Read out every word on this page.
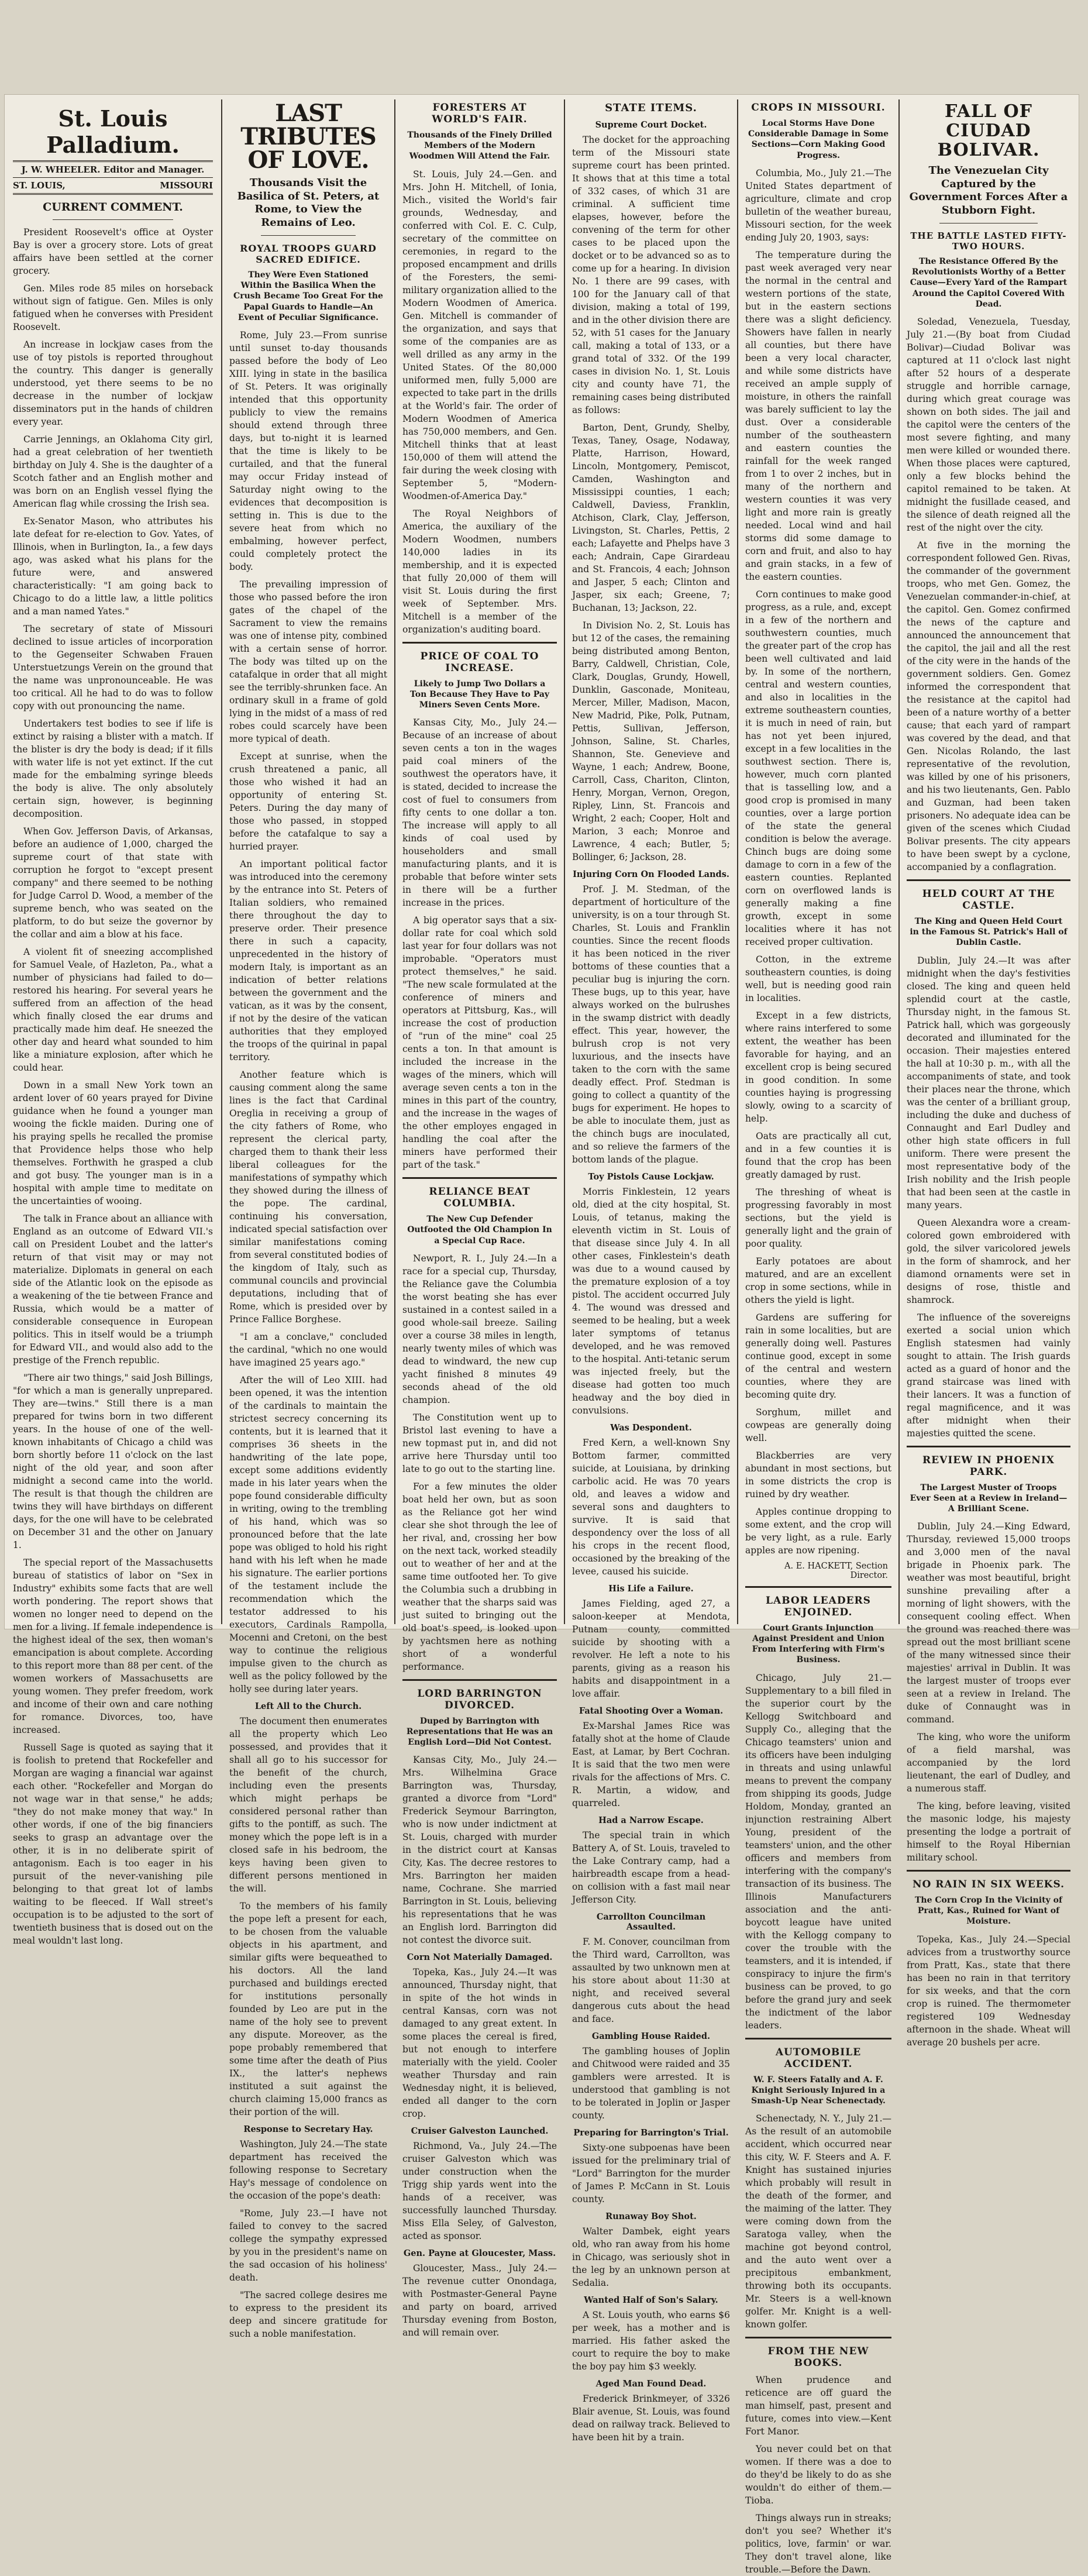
St. Louis Palladium.
J. W. WHEELER. Editor and Manager.
ST. LOUIS,	MISSOURI
CURRENT COMMENT.

President Roosevelt's office at Oyster Bay is over a grocery store. Lots of great affairs have been settled at the corner grocery.

Gen. Miles rode 85 miles on horseback without sign of fatigue. Gen. Miles is only fatigued when he converses with President Roosevelt.

An increase in lockjaw cases from the use of toy pistols is reported throughout the country. This danger is generally understood, yet there seems to be no decrease in the number of lockjaw disseminators put in the hands of children every year.

Carrie Jennings, an Oklahoma City girl, had a great celebration of her twentieth birthday on July 4. She is the daughter of a Scotch father and an English mother and was born on an English vessel flying the American flag while crossing the Irish sea.

Ex-Senator Mason, who attributes his late defeat for re-election to Gov. Yates, of Illinois, when in Burlington, Ia., a few days ago, was asked what his plans for the future were, and answered characteristically: "I am going back to Chicago to do a little law, a little politics and a man named Yates."

The secretary of state of Missouri declined to issue articles of incorporation to the Gegenseiter Schwaben Frauen Unterstuetzungs Verein on the ground that the name was unpronounceable. He was too critical. All he had to do was to follow copy with out pronouncing the name.

Undertakers test bodies to see if life is extinct by raising a blister with a match. If the blister is dry the body is dead; if it fills with water life is not yet extinct. If the cut made for the embalming syringe bleeds the body is alive. The only absolutely certain sign, however, is beginning decomposition.

When Gov. Jefferson Davis, of Arkansas, before an audience of 1,000, charged the supreme court of that state with corruption he forgot to "except present company" and there seemed to be nothing for Judge Carrol D. Wood, a member of the supreme bench, who was seated on the platform, to do but seize the governor by the collar and aim a blow at his face.

A violent fit of sneezing accomplished for Samuel Veale, of Hazleton, Pa., what a number of physicians had failed to do—restored his hearing. For several years he suffered from an affection of the head which finally closed the ear drums and practically made him deaf. He sneezed the other day and heard what sounded to him like a miniature explosion, after which he could hear.

Down in a small New York town an ardent lover of 60 years prayed for Divine guidance when he found a younger man wooing the fickle maiden. During one of his praying spells he recalled the promise that Providence helps those who help themselves. Forthwith he grasped a club and got busy. The younger man is in a hospital with ample time to meditate on the uncertainties of wooing.

The talk in France about an alliance with England as an outcome of Edward VII.'s call on President Loubet and the latter's return of that visit may or may not materialize. Diplomats in general on each side of the Atlantic look on the episode as a weakening of the tie between France and Russia, which would be a matter of considerable consequence in European politics. This in itself would be a triumph for Edward VII., and would also add to the prestige of the French republic.

"There air two things," said Josh Billings, "for which a man is generally unprepared. They are—twins." Still there is a man prepared for twins born in two different years. In the house of one of the well-known inhabitants of Chicago a child was born shortly before 11 o'clock on the last night of the old year, and soon after midnight a second came into the world. The result is that though the children are twins they will have birthdays on different days, for the one will have to be celebrated on December 31 and the other on January 1.

The special report of the Massachusetts bureau of statistics of labor on "Sex in Industry" exhibits some facts that are well worth pondering. The report shows that women no longer need to depend on the men for a living. If female independence is the highest ideal of the sex, then woman's emancipation is about complete. According to this report more than 88 per cent. of the women workers of Massachusetts are young women. They prefer freedom, work and income of their own and care nothing for romance. Divorces, too, have increased.

Russell Sage is quoted as saying that it is foolish to pretend that Rockefeller and Morgan are waging a financial war against each other. "Rockefeller and Morgan do not wage war in that sense," he adds; "they do not make money that way." In other words, if one of the big financiers seeks to grasp an advantage over the other, it is in no deliberate spirit of antagonism. Each is too eager in his pursuit of the never-vanishing pile belonging to that great lot of lambs waiting to be fleeced. If Wall street's occupation is to be adjusted to the sort of twentieth business that is dosed out on the meal wouldn't last long.

LAST TRIBUTES OF LOVE.
Thousands Visit the Basilica of St. Peters, at Rome, to View the Remains of Leo.
ROYAL TROOPS GUARD SACRED EDIFICE.
They Were Even Stationed Within the Basilica When the Crush Became Too Great For the Papal Guards to Handle—An Event of Peculiar Significance.

Rome, July 23.—From sunrise until sunset to-day thousands passed before the body of Leo XIII. lying in state in the basilica of St. Peters. It was originally intended that this opportunity publicly to view the remains should extend through three days, but to-night it is learned that the time is likely to be curtailed, and that the funeral may occur Friday instead of Saturday night owing to the evidences that decomposition is setting in. This is due to the severe heat from which no embalming, however perfect, could completely protect the body.

The prevailing impression of those who passed before the iron gates of the chapel of the Sacrament to view the remains was one of intense pity, combined with a certain sense of horror. The body was tilted up on the catafalque in order that all might see the terribly-shrunken face. An ordinary skull in a frame of gold lying in the midst of a mass of red robes could scarcely have been more typical of death.

Except at sunrise, when the crush threatened a panic, all those who wished it had an opportunity of entering St. Peters. During the day many of those who passed, in stopped before the catafalque to say a hurried prayer.

An important political factor was introduced into the ceremony by the entrance into St. Peters of Italian soldiers, who remained there throughout the day to preserve order. Their presence there in such a capacity, unprecedented in the history of modern Italy, is important as an indication of better relations between the government and the vatican, as it was by the consent, if not by the desire of the vatican authorities that they employed the troops of the quirinal in papal territory.

Another feature which is causing comment along the same lines is the fact that Cardinal Oreglia in receiving a group of the city fathers of Rome, who represent the clerical party, charged them to thank their less liberal colleagues for the manifestations of sympathy which they showed during the illness of the pope. The cardinal, continuing his conversation, indicated special satisfaction over similar manifestations coming from several constituted bodies of the kingdom of Italy, such as communal councils and provincial deputations, including that of Rome, which is presided over by Prince Fallice Borghese.

"I am a conclave," concluded the cardinal, "which no one would have imagined 25 years ago."

After the will of Leo XIII. had been opened, it was the intention of the cardinals to maintain the strictest secrecy concerning its contents, but it is learned that it comprises 36 sheets in the handwriting of the late pope, except some additions evidently made in his later years when the pope found considerable difficulty in writing, owing to the trembling of his hand, which was so pronounced before that the late pope was obliged to hold his right hand with his left when he made his signature. The earlier portions of the testament include the recommendation which the testator addressed to his executors, Cardinals Rampolla, Mocenni and Cretoni, on the best way to continue the religious impulse given to the church as well as the policy followed by the holly see during later years.

Left All to the Church.

The document then enumerates all the property which Leo possessed, and provides that it shall all go to his successor for the benefit of the church, including even the presents which might perhaps be considered personal rather than gifts to the pontiff, as such. The money which the pope left is in a closed safe in his bedroom, the keys having been given to different persons mentioned in the will.

To the members of his family the pope left a present for each, to be chosen from the valuable objects in his apartment, and similar gifts were bequeathed to his doctors. All the land purchased and buildings erected for institutions personally founded by Leo are put in the name of the holy see to prevent any dispute. Moreover, as the pope probably remembered that some time after the death of Pius IX., the latter's nephews instituted a suit against the church claiming 15,000 francs as their portion of the will.

Response to Secretary Hay.

Washington, July 24.—The state department has received the following response to Secretary Hay's message of condolence on the occasion of the pope's death:

"Rome, July 23.—I have not failed to convey to the sacred college the sympathy expressed by you in the president's name on the sad occasion of his holiness' death.

"The sacred college desires me to express to the president its deep and sincere gratitude for such a noble manifestation.

FORESTERS AT WORLD'S FAIR.
Thousands of the Finely Drilled Members of the Modern Woodmen Will Attend the Fair.

St. Louis, July 24.—Gen. and Mrs. John H. Mitchell, of Ionia, Mich., visited the World's fair grounds, Wednesday, and conferred with Col. E. C. Culp, secretary of the committee on ceremonies, in regard to the proposed encampment and drills of the Foresters, the semi-military organization allied to the Modern Woodmen of America. Gen. Mitchell is commander of the organization, and says that some of the companies are as well drilled as any army in the United States. Of the 80,000 uniformed men, fully 5,000 are expected to take part in the drills at the World's fair. The order of Modern Woodmen of America has 750,000 members, and Gen. Mitchell thinks that at least 150,000 of them will attend the fair during the week closing with September 5, "Modern-Woodmen-of-America Day."

The Royal Neighbors of America, the auxiliary of the Modern Woodmen, numbers 140,000 ladies in its membership, and it is expected that fully 20,000 of them will visit St. Louis during the first week of September. Mrs. Mitchell is a member of the organization's auditing board.

PRICE OF COAL TO INCREASE.
Likely to Jump Two Dollars a Ton Because They Have to Pay Miners Seven Cents More.

Kansas City, Mo., July 24.—Because of an increase of about seven cents a ton in the wages paid coal miners of the southwest the operators have, it is stated, decided to increase the cost of fuel to consumers from fifty cents to one dollar a ton. The increase will apply to all kinds of coal used by householders and small manufacturing plants, and it is probable that before winter sets in there will be a further increase in the prices.

A big operator says that a six-dollar rate for coal which sold last year for four dollars was not improbable. "Operators must protect themselves," he said. "The new scale formulated at the conference of miners and operators at Pittsburg, Kas., will increase the cost of production of "run of the mine" coal 25 cents a ton. In that amount is included the increase in the wages of the miners, which will average seven cents a ton in the mines in this part of the country, and the increase in the wages of the other employes engaged in handling the coal after the miners have performed their part of the task."

RELIANCE BEAT COLUMBIA.
The New Cup Defender Outfooted the Old Champion In a Special Cup Race.

Newport, R. I., July 24.—In a race for a special cup, Thursday, the Reliance gave the Columbia the worst beating she has ever sustained in a contest sailed in a good whole-sail breeze. Sailing over a course 38 miles in length, nearly twenty miles of which was dead to windward, the new cup yacht finished 8 minutes 49 seconds ahead of the old champion.

The Constitution went up to Bristol last evening to have a new topmast put in, and did not arrive here Thursday until too late to go out to the starting line.

For a few minutes the older boat held her own, but as soon as the Reliance got her wind clear she shot through the lee of her rival, and, crossing her bow on the next tack, worked steadily out to weather of her and at the same time outfooted her. To give the Columbia such a drubbing in weather that the sharps said was just suited to bringing out the old boat's speed, is looked upon by yachtsmen here as nothing short of a wonderful performance.

LORD BARRINGTON DIVORCED.
Duped by Barrington with Representations that He was an English Lord—Did Not Contest.

Kansas City, Mo., July 24.—Mrs. Wilhelmina Grace Barrington was, Thursday, granted a divorce from "Lord" Frederick Seymour Barrington, who is now under indictment at St. Louis, charged with murder in the district court at Kansas City, Kas. The decree restores to Mrs. Barrington her maiden name, Cochrane. She married Barrington in St. Louis, believing his representations that he was an English lord. Barrington did not contest the divorce suit.

Corn Not Materially Damaged.

Topeka, Kas., July 24.—It was announced, Thursday night, that in spite of the hot winds in central Kansas, corn was not damaged to any great extent. In some places the cereal is fired, but not enough to interfere materially with the yield. Cooler weather Thursday and rain Wednesday night, it is believed, ended all danger to the corn crop.

Cruiser Galveston Launched.

Richmond, Va., July 24.—The cruiser Galveston which was under construction when the Trigg ship yards went into the hands of a receiver, was successfully launched Thursday. Miss Ella Seley, of Galveston, acted as sponsor.

Gen. Payne at Gloucester, Mass.

Gloucester, Mass., July 24.—The revenue cutter Onondaga, with Postmaster-General Payne and party on board, arrived Thursday evening from Boston, and will remain over.

STATE ITEMS.
Supreme Court Docket.

The docket for the approaching term of the Missouri state supreme court has been printed. It shows that at this time a total of 332 cases, of which 31 are criminal. A sufficient time elapses, however, before the convening of the term for other cases to be placed upon the docket or to be advanced so as to come up for a hearing. In division No. 1 there are 99 cases, with 100 for the January call of that division, making a total of 199, and in the other division there are 52, with 51 cases for the January call, making a total of 133, or a grand total of 332. Of the 199 cases in division No. 1, St. Louis city and county have 71, the remaining cases being distributed as follows:

Barton, Dent, Grundy, Shelby, Texas, Taney, Osage, Nodaway, Platte, Harrison, Howard, Lincoln, Montgomery, Pemiscot, Camden, Washington and Mississippi counties, 1 each; Caldwell, Daviess, Franklin, Atchison, Clark, Clay, Jefferson, Livingston, St. Charles, Pettis, 2 each; Lafayette and Phelps have 3 each; Andrain, Cape Girardeau and St. Francois, 4 each; Johnson and Jasper, 5 each; Clinton and Jasper, six each; Greene, 7; Buchanan, 13; Jackson, 22.

In Division No. 2, St. Louis has but 12 of the cases, the remaining being distributed among Benton, Barry, Caldwell, Christian, Cole, Clark, Douglas, Grundy, Howell, Dunklin, Gasconade, Moniteau, Mercer, Miller, Madison, Macon, New Madrid, Pike, Polk, Putnam, Pettis, Sullivan, Jefferson, Johnson, Saline, St. Charles, Shannon, Ste. Genevieve and Wayne, 1 each; Andrew, Boone, Carroll, Cass, Chariton, Clinton, Henry, Morgan, Vernon, Oregon, Ripley, Linn, St. Francois and Wright, 2 each; Cooper, Holt and Marion, 3 each; Monroe and Lawrence, 4 each; Butler, 5; Bollinger, 6; Jackson, 28.

Injuring Corn On Flooded Lands.

Prof. J. M. Stedman, of the department of horticulture of the university, is on a tour through St. Charles, St. Louis and Franklin counties. Since the recent floods it has been noticed in the river bottoms of these counties that a peculiar bug is injuring the corn. These bugs, up to this year, have always worked on the bulrushes in the swamp district with deadly effect. This year, however, the bulrush crop is not very luxurious, and the insects have taken to the corn with the same deadly effect. Prof. Stedman is going to collect a quantity of the bugs for experiment. He hopes to be able to inoculate them, just as the chinch bugs are inoculated, and so relieve the farmers of the bottom lands of the plague.

Toy Pistols Cause Lockjaw.

Morris Finklestein, 12 years old, died at the city hospital, St. Louis, of tetanus, making the eleventh victim in St. Louis of that disease since July 4. In all other cases, Finklestein's death was due to a wound caused by the premature explosion of a toy pistol. The accident occurred July 4. The wound was dressed and seemed to be healing, but a week later symptoms of tetanus developed, and he was removed to the hospital. Anti-tetanic serum was injected freely, but the disease had gotten too much headway and the boy died in convulsions.

Was Despondent.

Fred Kern, a well-known Sny Bottom farmer, committed suicide, at Louisiana, by drinking carbolic acid. He was 70 years old, and leaves a widow and several sons and daughters to survive. It is said that despondency over the loss of all his crops in the recent flood, occasioned by the breaking of the levee, caused his suicide.

His Life a Failure.

James Fielding, aged 27, a saloon-keeper at Mendota, Putnam county, committed suicide by shooting with a revolver. He left a note to his parents, giving as a reason his habits and disappointment in a love affair.

Fatal Shooting Over a Woman.

Ex-Marshal James Rice was fatally shot at the home of Claude East, at Lamar, by Bert Cochran. It is said that the two men were rivals for the affections of Mrs. C. R. Martin, a widow, and quarreled.

Had a Narrow Escape.

The special train in which Battery A, of St. Louis, traveled to the Lake Contrary camp, had a hairbreadth escape from a head-on collision with a fast mail near Jefferson City.

Carrollton Councilman Assaulted.

F. M. Conover, councilman from the Third ward, Carrollton, was assaulted by two unknown men at his store about about 11:30 at night, and received several dangerous cuts about the head and face.

Gambling House Raided.

The gambling houses of Joplin and Chitwood were raided and 35 gamblers were arrested. It is understood that gambling is not to be tolerated in Joplin or Jasper county.

Preparing for Barrington's Trial.

Sixty-one subpoenas have been issued for the preliminary trial of "Lord" Barrington for the murder of James P. McCann in St. Louis county.

Runaway Boy Shot.

Walter Dambek, eight years old, who ran away from his home in Chicago, was seriously shot in the leg by an unknown person at Sedalia.

Wanted Half of Son's Salary.

A St. Louis youth, who earns $6 per week, has a mother and is married. His father asked the court to require the boy to make the boy pay him $3 weekly.

Aged Man Found Dead.

Frederick Brinkmeyer, of 3326 Blair avenue, St. Louis, was found dead on railway track. Believed to have been hit by a train.

CROPS IN MISSOURI.
Local Storms Have Done Considerable Damage in Some Sections—Corn Making Good Progress.

Columbia, Mo., July 21.—The United States department of agriculture, climate and crop bulletin of the weather bureau, Missouri section, for the week ending July 20, 1903, says:

The temperature during the past week averaged very near the normal in the central and western portions of the state, but in the eastern sections there was a slight deficiency. Showers have fallen in nearly all counties, but there have been a very local character, and while some districts have received an ample supply of moisture, in others the rainfall was barely sufficient to lay the dust. Over a considerable number of the southeastern and eastern counties the rainfall for the week ranged from 1 to over 2 inches, but in many of the northern and western counties it was very light and more rain is greatly needed. Local wind and hail storms did some damage to corn and fruit, and also to hay and grain stacks, in a few of the eastern counties.

Corn continues to make good progress, as a rule, and, except in a few of the northern and southwestern counties, much the greater part of the crop has been well cultivated and laid by. In some of the northern, central and western counties, and also in localities in the extreme southeastern counties, it is much in need of rain, but has not yet been injured, except in a few localities in the southwest section. There is, however, much corn planted that is tasselling low, and a good crop is promised in many counties, over a large portion of the state the general condition is below the average. Chinch bugs are doing some damage to corn in a few of the eastern counties. Replanted corn on overflowed lands is generally making a fine growth, except in some localities where it has not received proper cultivation.

Cotton, in the extreme southeastern counties, is doing well, but is needing good rain in localities.

Except in a few districts, where rains interfered to some extent, the weather has been favorable for haying, and an excellent crop is being secured in good condition. In some counties haying is progressing slowly, owing to a scarcity of help.

Oats are practically all cut, and in a few counties it is found that the crop has been greatly damaged by rust.

The threshing of wheat is progressing favorably in most sections, but the yield is generally light and the grain of poor quality.

Early potatoes are about matured, and are an excellent crop in some sections, while in others the yield is light.

Gardens are suffering for rain in some localities, but are generally doing well. Pastures continue good, except in some of the central and western counties, where they are becoming quite dry.

Sorghum, millet and cowpeas are generally doing well.

Blackberries are very abundant in most sections, but in some districts the crop is ruined by dry weather.

Apples continue dropping to some extent, and the crop will be very light, as a rule. Early apples are now ripening.

A. E. HACKETT, Section Director.
LABOR LEADERS ENJOINED.
Court Grants Injunction Against President and Union From Interfering with Firm's Business.

Chicago, July 21.—Supplementary to a bill filed in the superior court by the Kellogg Switchboard and Supply Co., alleging that the Chicago teamsters' union and its officers have been indulging in threats and using unlawful means to prevent the company from shipping its goods, Judge Holdom, Monday, granted an injunction restraining Albert Young, president of the teamsters' union, and the other officers and members from interfering with the company's transaction of its business. The Illinois Manufacturers association and the anti-boycott league have united with the Kellogg company to cover the trouble with the teamsters, and it is intended, if conspiracy to injure the firm's business can be proved, to go before the grand jury and seek the indictment of the labor leaders.

AUTOMOBILE ACCIDENT.
W. F. Steers Fatally and A. F. Knight Seriously Injured in a Smash-Up Near Schenectady.

Schenectady, N. Y., July 21.—As the result of an automobile accident, which occurred near this city, W. F. Steers and A. F. Knight has sustained injuries which probably will result in the death of the former, and the maiming of the latter. They were coming down from the Saratoga valley, when the machine got beyond control, and the auto went over a precipitous embankment, throwing both its occupants. Mr. Steers is a well-known golfer. Mr. Knight is a well-known golfer.

FROM THE NEW BOOKS.

When prudence and reticence are off guard the man himself, past, present and future, comes into view.—Kent Fort Manor.

You never could bet on that women. If there was a doe to do they'd be likely to do as she wouldn't do either of them.—Tioba.

Things always run in streaks; don't you see? Whether it's politics, love, farmin' or war. They don't travel alone, like trouble.—Before the Dawn.

FALL OF CIUDAD BOLIVAR.
The Venezuelan City Captured by the Government Forces After a Stubborn Fight.
THE BATTLE LASTED FIFTY-TWO HOURS.
The Resistance Offered By the Revolutionists Worthy of a Better Cause—Every Yard of the Rampart Around the Capitol Covered With Dead.

Soledad, Venezuela, Tuesday, July 21.—(By boat from Ciudad Bolivar)—Ciudad Bolivar was captured at 11 o'clock last night after 52 hours of a desperate struggle and horrible carnage, during which great courage was shown on both sides. The jail and the capitol were the centers of the most severe fighting, and many men were killed or wounded there. When those places were captured, only a few blocks behind the capitol remained to be taken. At midnight the fusillade ceased, and the silence of death reigned all the rest of the night over the city.

At five in the morning the correspondent followed Gen. Rivas, the commander of the government troops, who met Gen. Gomez, the Venezuelan commander-in-chief, at the capitol. Gen. Gomez confirmed the news of the capture and announced the announcement that the capitol, the jail and all the rest of the city were in the hands of the government soldiers. Gen. Gomez informed the correspondent that the resistance at the capitol had been of a nature worthy of a better cause; that each yard of rampart was covered by the dead, and that Gen. Nicolas Rolando, the last representative of the revolution, was killed by one of his prisoners, and his two lieutenants, Gen. Pablo and Guzman, had been taken prisoners. No adequate idea can be given of the scenes which Ciudad Bolivar presents. The city appears to have been swept by a cyclone, accompanied by a conflagration.

HELD COURT AT THE CASTLE.
The King and Queen Held Court in the Famous St. Patrick's Hall of Dublin Castle.

Dublin, July 24.—It was after midnight when the day's festivities closed. The king and queen held splendid court at the castle, Thursday night, in the famous St. Patrick hall, which was gorgeously decorated and illuminated for the occasion. Their majesties entered the hall at 10:30 p. m., with all the accompaniments of state, and took their places near the throne, which was the center of a brilliant group, including the duke and duchess of Connaught and Earl Dudley and other high state officers in full uniform. There were present the most representative body of the Irish nobility and the Irish people that had been seen at the castle in many years.

Queen Alexandra wore a cream-colored gown embroidered with gold, the silver varicolored jewels in the form of shamrock, and her diamond ornaments were set in designs of rose, thistle and shamrock.

The influence of the sovereigns exerted a social union which English statesmen had vainly sought to attain. The Irish guards acted as a guard of honor and the grand staircase was lined with their lancers. It was a function of regal magnificence, and it was after midnight when their majesties quitted the scene.

REVIEW IN PHOENIX PARK.
The Largest Muster of Troops Ever Seen at a Review in Ireland—A Brilliant Scene.

Dublin, July 24.—King Edward, Thursday, reviewed 15,000 troops and 3,000 men of the naval brigade in Phoenix park. The weather was most beautiful, bright sunshine prevailing after a morning of light showers, with the consequent cooling effect. When the ground was reached there was spread out the most brilliant scene of the many witnessed since their majesties' arrival in Dublin. It was the largest muster of troops ever seen at a review in Ireland. The duke of Connaught was in command.

The king, who wore the uniform of a field marshal, was accompanied by the lord lieutenant, the earl of Dudley, and a numerous staff.

The king, before leaving, visited the masonic lodge, his majesty presenting the lodge a portrait of himself to the Royal Hibernian military school.

NO RAIN IN SIX WEEKS.
The Corn Crop In the Vicinity of Pratt, Kas., Ruined for Want of Moisture.

Topeka, Kas., July 24.—Special advices from a trustworthy source from Pratt, Kas., state that there has been no rain in that territory for six weeks, and that the corn crop is ruined. The thermometer registered 109 Wednesday afternoon in the shade. Wheat will average 20 bushels per acre.
